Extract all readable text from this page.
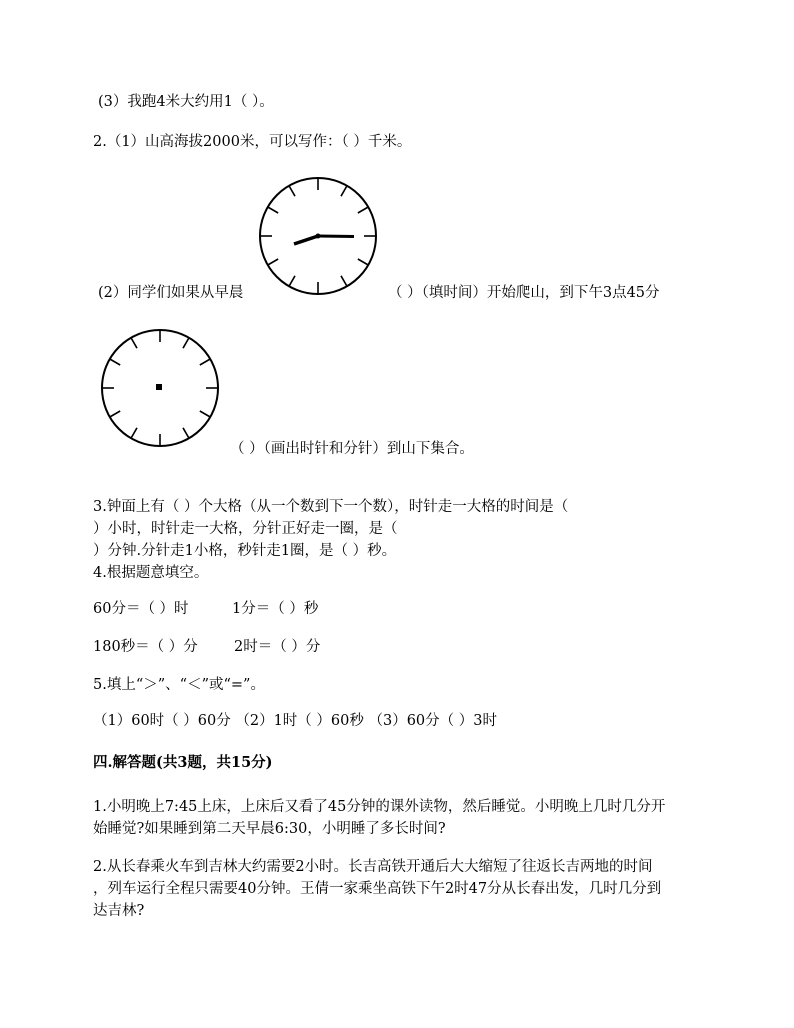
(3）我跑4米大约用1（ ）。
2.（1）山高海拔2000米，可以写作：（ ）千米。
(2）同学们如果从早晨	（ ）（填时间）开始爬山，到下午3点45分
（ ）（画出时针和分针）到山下集合。
3.钟面上有（ ）个大格（从一个数到下一个数），时针走一大格的时间是（
）小时，时针走一大格，分针正好走一圈，是（
）分钟.分针走1小格，秒针走1圈，是（ ）秒。
4.根据题意填空。
60分＝（ ）时	1分＝（ ）秒
180秒＝（ ）分 2时＝（ ）分
5.填上“＞”、“＜”或“=”。
（1）60时（ ）60分 （2）1时（ ）60秒 （3）60分（ ）3时
四.解答题(共3题，共15分)
1.小明晚上7:45上床，上床后又看了45分钟的课外读物，然后睡觉。小明晚上几时几分开
始睡觉?如果睡到第二天早晨6:30，小明睡了多长时间?
2.从长春乘火车到吉林大约需要2小时。长吉高铁开通后大大缩短了往返长吉两地的时间
，列车运行全程只需要40分钟。王倩一家乘坐高铁下午2时47分从长春出发，几时几分到
达吉林?
